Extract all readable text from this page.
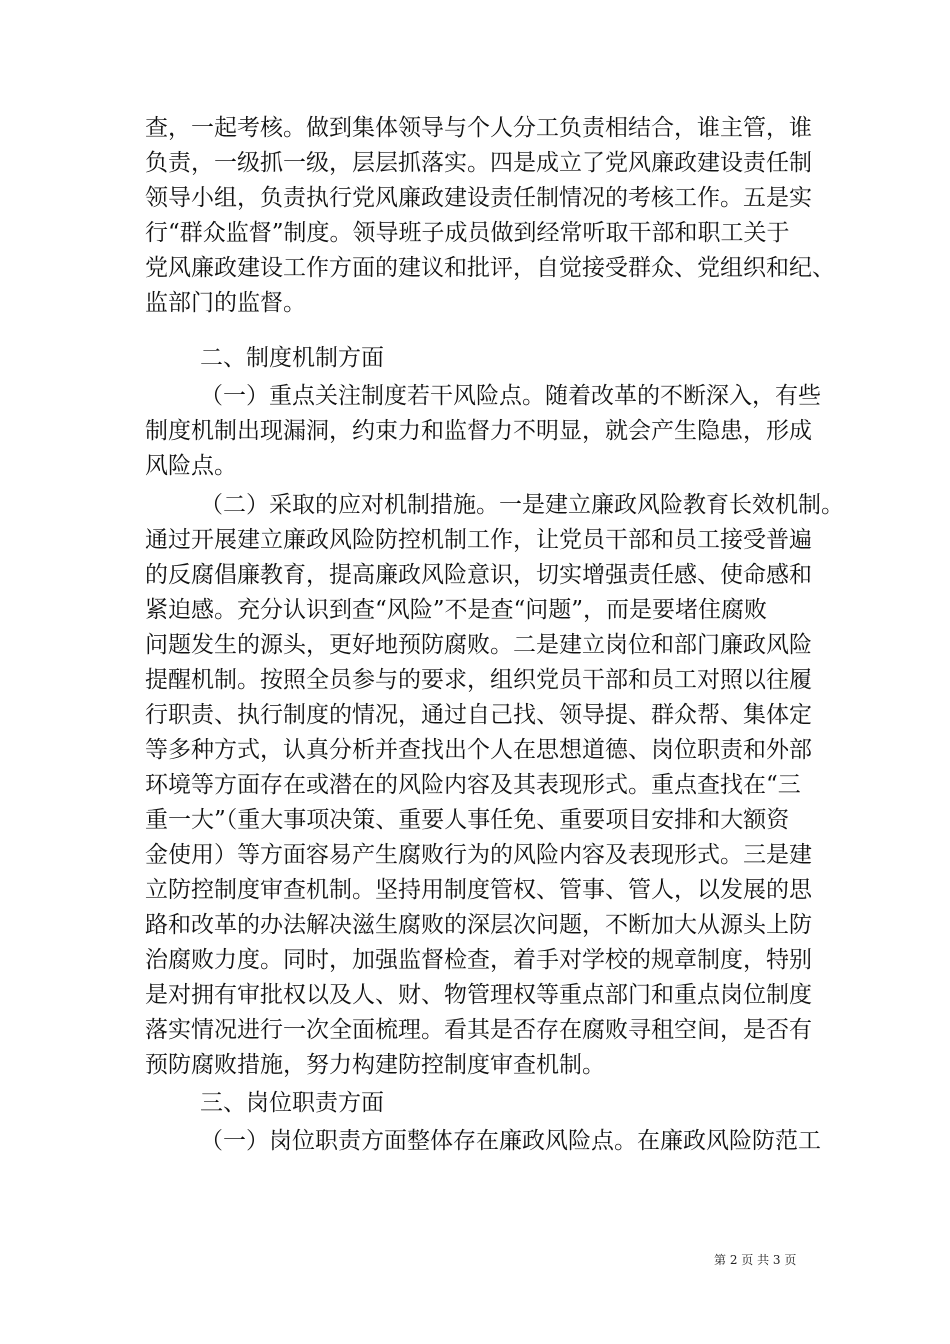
查，一起考核。做到集体领导与个人分工负责相结合，谁主管，谁
负责，一级抓一级，层层抓落实。四是成立了党风廉政建设责任制
领导小组，负责执行党风廉政建设责任制情况的考核工作。五是实
行“群众监督”制度。领导班子成员做到经常听取干部和职工关于
党风廉政建设工作方面的建议和批评，自觉接受群众、党组织和纪、
监部门的监督。
二、制度机制方面
（一）重点关注制度若干风险点。随着改革的不断深入，有些
制度机制出现漏洞，约束力和监督力不明显，就会产生隐患，形成
风险点。
（二）采取的应对机制措施。一是建立廉政风险教育长效机制。
通过开展建立廉政风险防控机制工作，让党员干部和员工接受普遍
的反腐倡廉教育，提高廉政风险意识，切实增强责任感、使命感和
紧迫感。充分认识到查“风险”不是查“问题”，而是要堵住腐败
问题发生的源头，更好地预防腐败。二是建立岗位和部门廉政风险
提醒机制。按照全员参与的要求，组织党员干部和员工对照以往履
行职责、执行制度的情况，通过自己找、领导提、群众帮、集体定
等多种方式，认真分析并查找出个人在思想道德、岗位职责和外部
环境等方面存在或潜在的风险内容及其表现形式。重点查找在“三
重一大”（重大事项决策、重要人事任免、重要项目安排和大额资
金使用）等方面容易产生腐败行为的风险内容及表现形式。三是建
立防控制度审查机制。坚持用制度管权、管事、管人，以发展的思
路和改革的办法解决滋生腐败的深层次问题，不断加大从源头上防
治腐败力度。同时，加强监督检查，着手对学校的规章制度，特别
是对拥有审批权以及人、财、物管理权等重点部门和重点岗位制度
落实情况进行一次全面梳理。看其是否存在腐败寻租空间，是否有
预防腐败措施，努力构建防控制度审查机制。
三、岗位职责方面
（一）岗位职责方面整体存在廉政风险点。在廉政风险防范工
第 2 页 共 3 页
